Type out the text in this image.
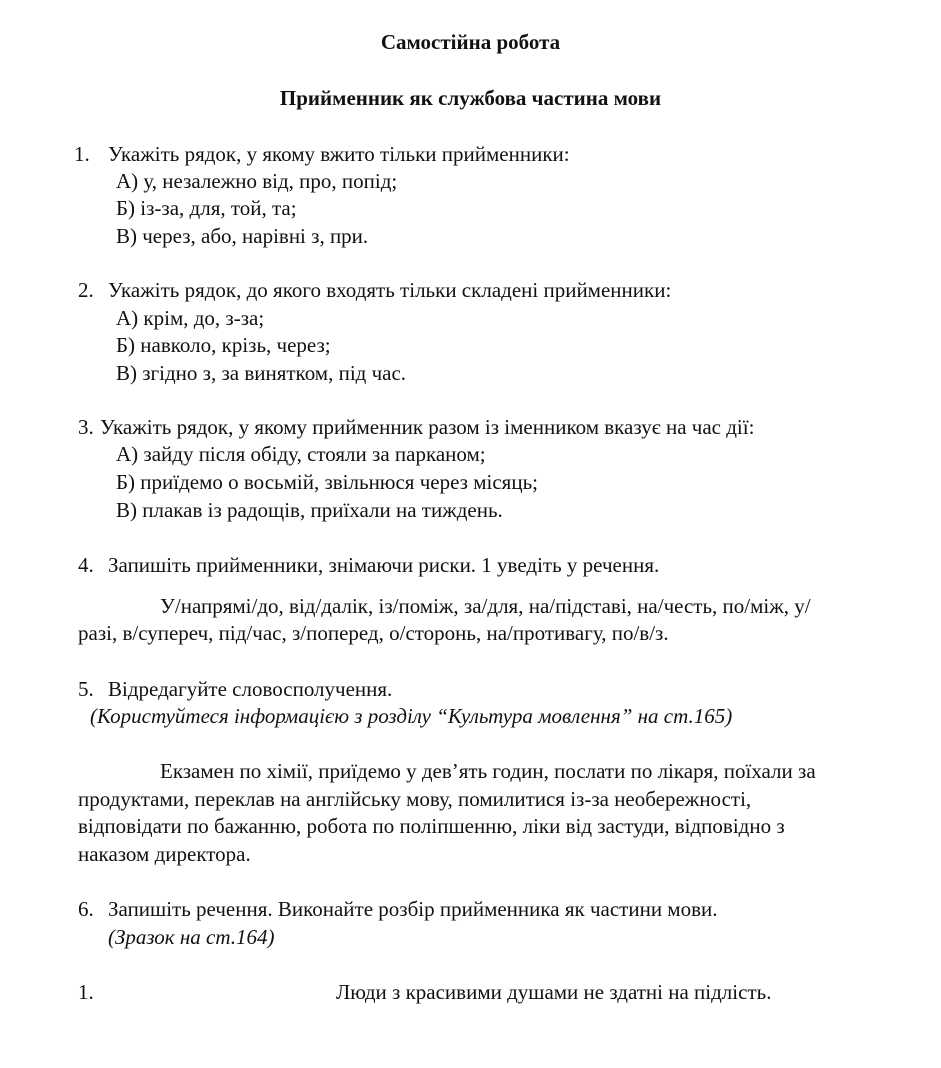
Самостійна робота
Прийменник як службова частина мови
1. Укажіть рядок, у якому вжито тільки прийменники:
А) у, незалежно від, про, попід;
Б) із-за, для, той, та;
В) через, або, нарівні з, при.
2. Укажіть рядок, до якого входять тільки складені прийменники:
А) крім, до, з-за;
Б) навколо, крізь, через;
В) згідно з, за винятком, під час.
3. Укажіть рядок, у якому прийменник разом із іменником вказує на час дії:
А) зайду після обіду, стояли за парканом;
Б) приїдемо о восьмій, звільнюся через місяць;
В) плакав із радощів, приїхали на тиждень.
4. Запишіть прийменники, знімаючи риски. 1 уведіть у речення.
У/напрямі/до, від/далік, із/поміж, за/для, на/підставі, на/честь, по/між, у/
разі, в/супереч, під/час, з/поперед, о/сторонь, на/противагу, по/в/з.
5. Відредагуйте словосполучення.
(Користуйтеся інформацією з розділу “Культура мовлення” на ст.165)
Екзамен по хімії, приїдемо у дев’ять годин, послати по лікаря, поїхали за
продуктами, переклав на англійську мову, помилитися із-за необережності,
відповідати по бажанню, робота по поліпшенню, ліки від застуди, відповідно з
наказом директора.
6. Запишіть речення. Виконайте розбір прийменника як частини мови.
(Зразок на ст.164)
1.	Люди з красивими душами не здатні на підлість.
